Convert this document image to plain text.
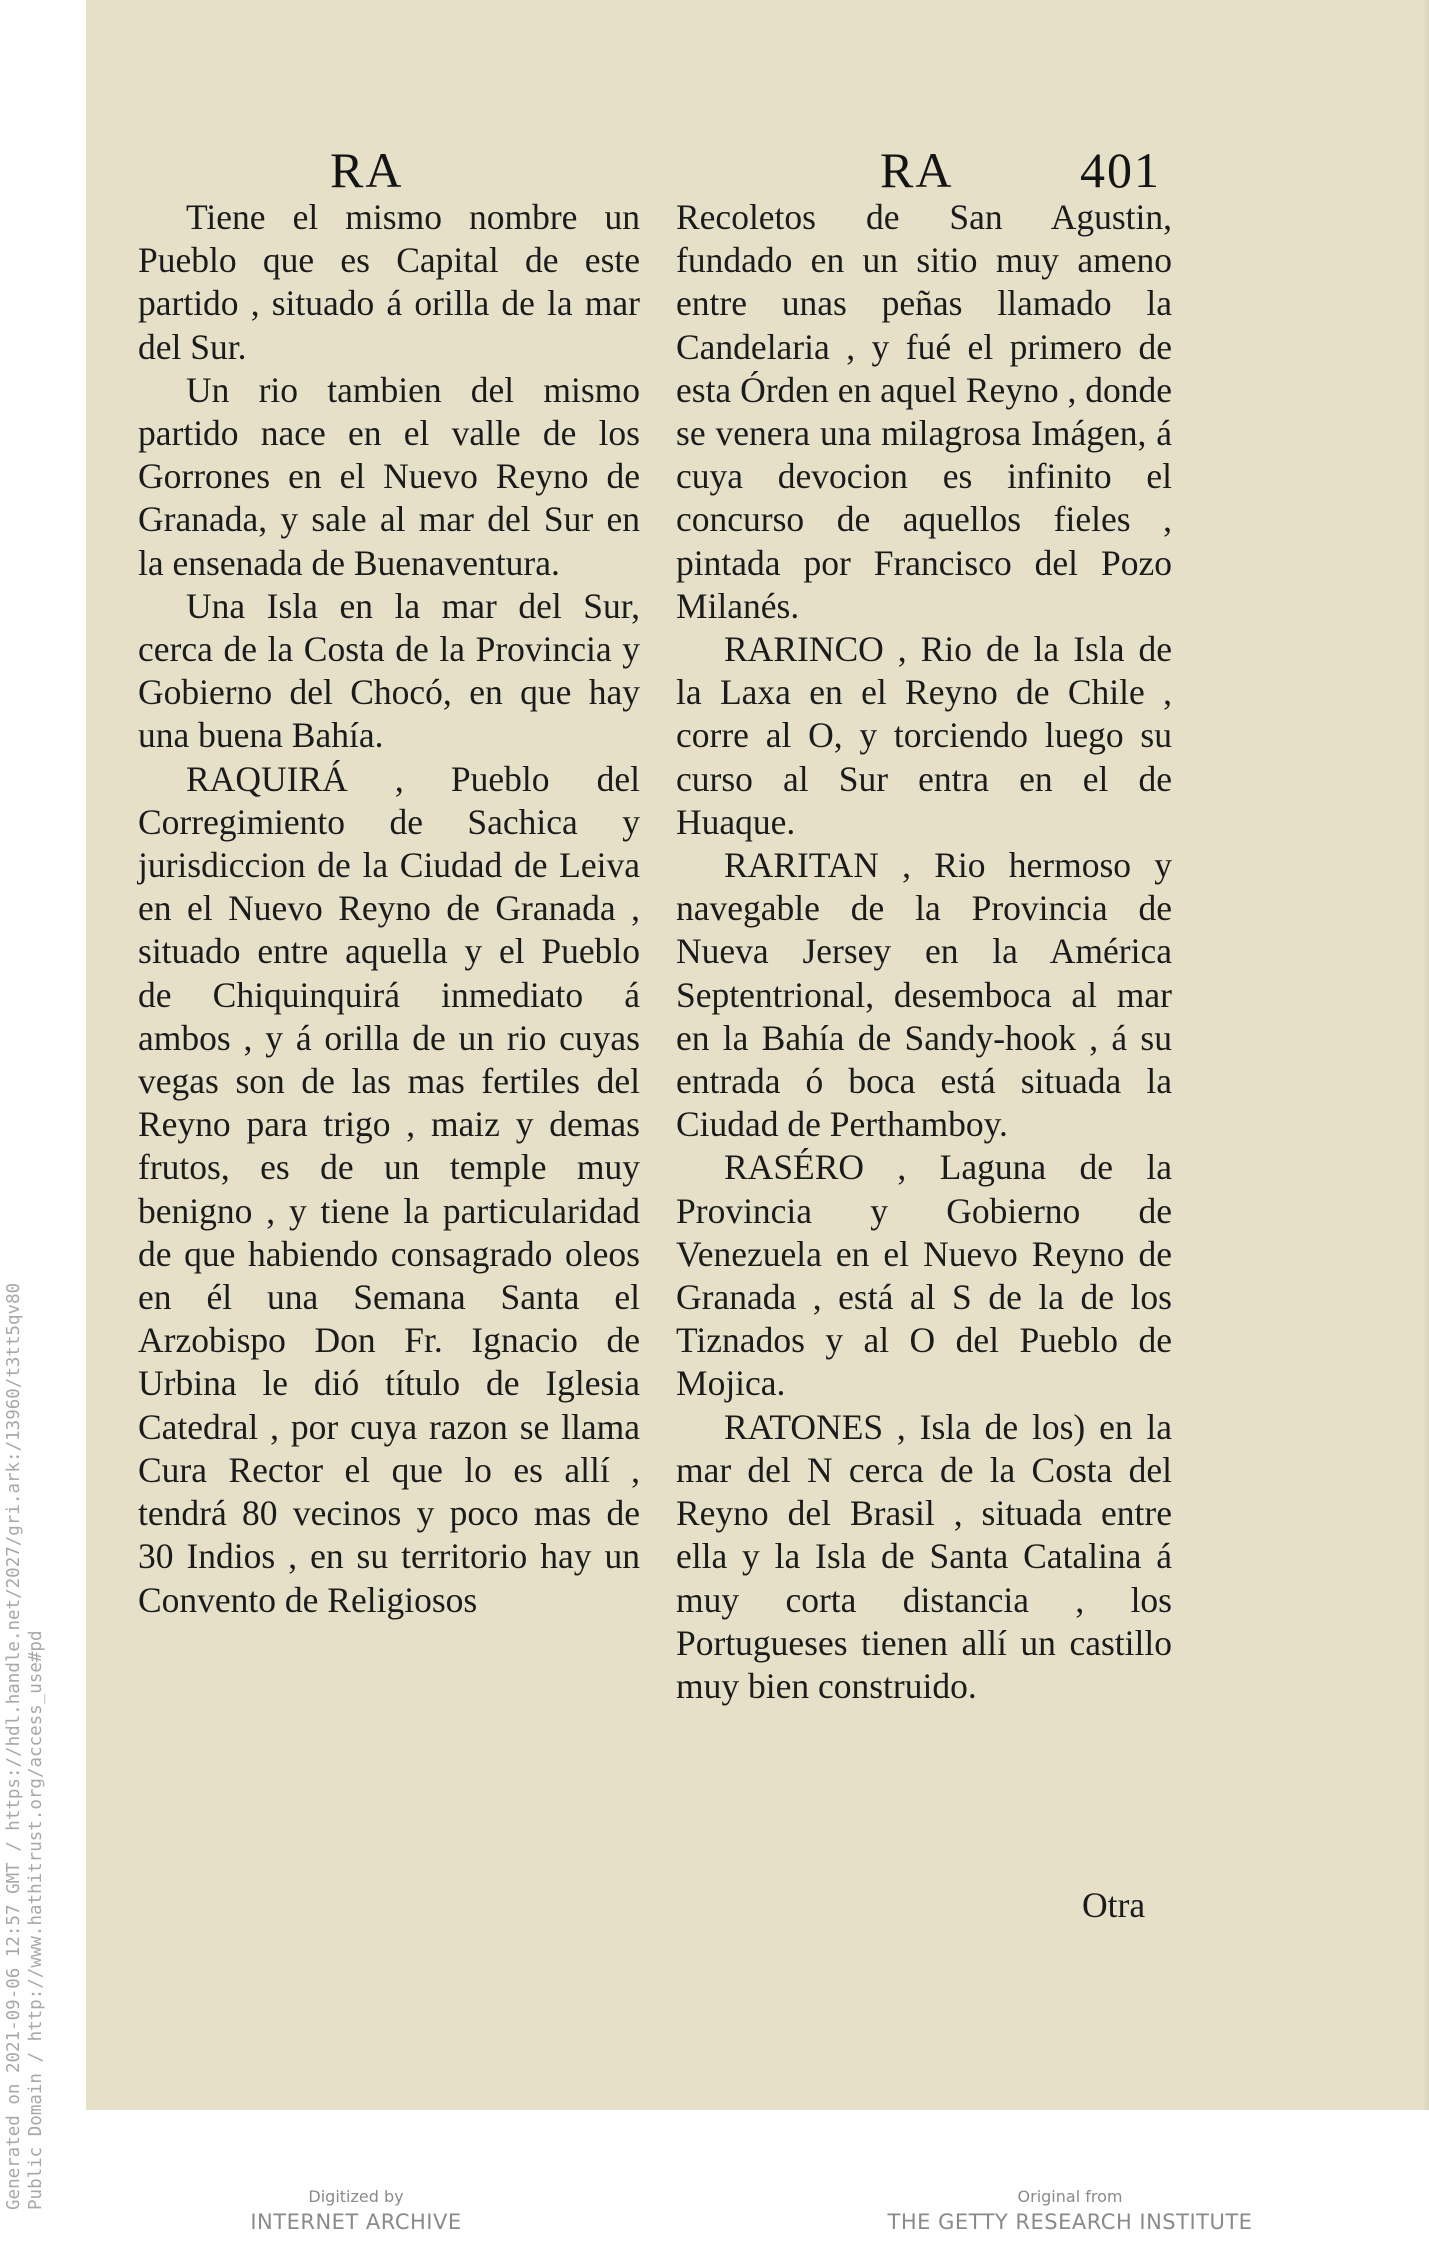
RA	RA	401

Tiene el mismo nombre un Pueblo que es Capital de este partido , situado á orilla de la mar del Sur.

Un rio tambien del mismo partido nace en el valle de los Gorrones en el Nuevo Reyno de Granada, y sale al mar del Sur en la ensenada de Buenaventura.

Una Isla en la mar del Sur, cerca de la Costa de la Provincia y Gobierno del Chocó, en que hay una buena Bahía.

RAQUIRÁ , Pueblo del Corregimiento de Sachica y jurisdiccion de la Ciudad de Leiva en el Nuevo Reyno de Granada , situado entre aquella y el Pueblo de Chiquinquirá inmediato á ambos , y á orilla de un rio cuyas vegas son de las mas fertiles del Reyno para trigo , maiz y demas frutos, es de un temple muy benigno , y tiene la particularidad de que habiendo consagrado oleos en él una Semana Santa el Arzobispo Don Fr. Ignacio de Urbina le dió título de Iglesia Catedral , por cuya razon se llama Cura Rector el que lo es allí , tendrá 80 vecinos y poco mas de 30 Indios , en su territorio hay un Convento de Religiosos

Recoletos de San Agustin, fundado en un sitio muy ameno entre unas peñas llamado la Candelaria , y fué el primero de esta Órden en aquel Reyno , donde se venera una milagrosa Imágen, á cuya devocion es infinito el concurso de aquellos fieles , pintada por Francisco del Pozo Milanés.

RARINCO , Rio de la Isla de la Laxa en el Reyno de Chile , corre al O, y torciendo luego su curso al Sur entra en el de Huaque.

RARITAN , Rio hermoso y navegable de la Provincia de Nueva Jersey en la América Septentrional, desemboca al mar en la Bahía de Sandy-hook , á su entrada ó boca está situada la Ciudad de Perthamboy.

RASÉRO , Laguna de la Provincia y Gobierno de Venezuela en el Nuevo Reyno de Granada , está al S de la de los Tiznados y al O del Pueblo de Mojica.

RATONES , Isla de los) en la mar del N cerca de la Costa del Reyno del Brasil , situada entre ella y la Isla de Santa Catalina á muy corta distancia , los Portugueses tienen allí un castillo muy bien construido.

Otra
Generated on 2021-09-06 12:57 GMT / https://hdl.handle.net/2027/gri.ark:/13960/t3tt5qv80 Public Domain / http://www.hathitrust.org/access_use#pd	Digitized by
INTERNET ARCHIVE
Original from
THE GETTY RESEARCH INSTITUTE
